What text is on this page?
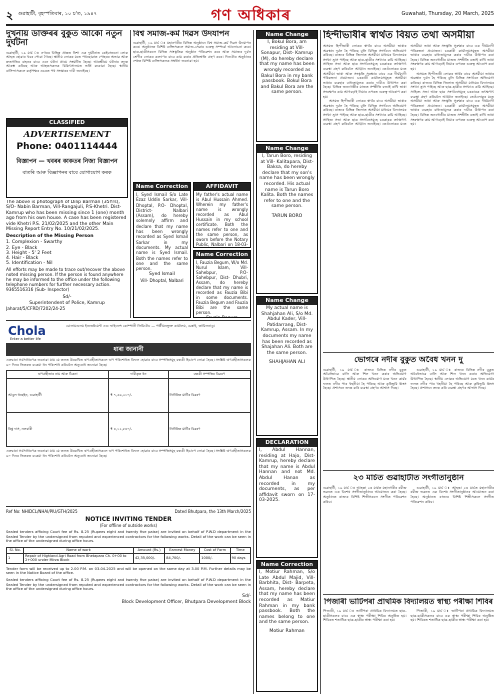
২ গুৱাহাটী, বৃহস্পতিবাৰ, ১০ চ'ত, ১৯৪৭	গণ অধিকাৰ	Guwahati, Thursday, 20 March, 2025
দুখনীয় ডাক্তৰৰ বুকুত আকৌ নতুন দুৰ্ঘটনা
গুৱাহাটী, ১৯ মাৰ্চ ঃ নগৰৰ বিভিন্ন প্ৰান্তত নিশা এক দুৰ্ঘটনাত কেইবাজনো লোক আহত হোৱাৰ খবৰ পোৱা গৈছে। স্থানীয় লোকৰ মতে পথছোৱাত পোহৰৰ অভাৱ আৰু দ্ৰুতগতিৰ বাহনৰ বাবে এনে ঘটনা প্ৰায়ে সংঘটিত হৈছে। আৰক্ষীয়ে ঘটনাৰ তদন্ত আৰম্ভ কৰিছে আৰু আহতসকলক চিকিৎসালয়ত ভৰ্তি কৰোৱা হৈছে। স্থানীয় বাসিন্দাসকলে কৰ্তৃপক্ষৰ ওচৰত পথ সংস্কাৰৰ দাবী জনাইছে।
CLASSIFIED
ADVERTISEMENT
Phone: 0401114444
বিজ্ঞাপন — খবৰৰ কাকতৰ নিজা বিজ্ঞাপন
বাতৰি আৰু বিজ্ঞাপনৰ বাবে যোগাযোগ কৰক
The above is photograph of Dilip Barman (35Yrs), S/O- Nabin Barman, Vill-Rangajuli, P.S-Khetri. Dist- Kamrup who has been missing since 1 (one) month ago from his own house. A case has been registered vide Khetri P.S. 21/02/2025 and the other Main Missing Report Entry No. 10/21/02/2025.
Description of the Missing Person
1. Complexion - Swarthy
2. Eye - Black
3. Height - 5' 2 Feet
4. Hair - Black
5. Identification - Nil
All efforts may be made to trace out/recover the above noted missing person. If the person is found anywhere he may be informed to the office under the following telephone numbers for further necessary action. 9365516316 (Sub- Inspector)
Sd/-
Superintendent of Police, Kamrup
Jaharat/5/CFRD/7202/24-25
Chola
Enter a better life
চোলামণ্ডলম ইনভেষ্টমেণ্ট এণ্ড ফাইনেন্স কোম্পানী লিমিটেড — পঞ্জীয়নভুক্ত কাৰ্যালয়, চেন্নাই, তামিলনাডু।
ধাৰা জানানী
এতদ্বাৰা সৰ্বসাধাৰণক জনোৱা যায় যে তলত উল্লেখিত ঋণগ্ৰহীতাসকলে ঋণ পৰিশোধত বিফল হোৱাৰ বাবে সম্পত্তিসমূহ বন্ধকী হিচাপে লোৱা হৈছে। সংশ্লিষ্ট ঋণগ্ৰহীতাসকলক ৬০ দিনৰ ভিতৰত বকেয়া ধন পৰিশোধ কৰিবলৈ অনুৰোধ জনোৱা হৈছে।
ঋণগ্ৰহীতাৰ নাম আৰু ঠিকনা	দাবীকৃত ধন	বন্ধকী সম্পত্তিৰ বিৱৰণ
আবুল হুছেইন, গুৱাহাটী	₹ ৭,৫৬,২১০/-	নিৰ্ধাৰিত মাটিৰ বিৱৰণ
ৰিঙ্কু দাস, নলবাৰী	₹ ৪,১২,৮৪০/-	নিৰ্ধাৰিত মাটিৰ বিৱৰণ
এতদ্বাৰা সৰ্বসাধাৰণক জনোৱা যায় যে তলত উল্লেখিত ঋণগ্ৰহীতাসকলে ঋণ পৰিশোধত বিফল হোৱাৰ বাবে সম্পত্তিসমূহ বন্ধকী হিচাপে লোৱা হৈছে। সংশ্লিষ্ট ঋণগ্ৰহীতাসকলক ৬০ দিনৰ ভিতৰত বকেয়া ধন পৰিশোধ কৰিবলৈ অনুৰোধ জনোৱা হৈছে।
Ref No: NHIDCL/NHAI/PIU/GTH/2025	Dated Bhutpara, the 13th March/2025
NOTICE INVITING TENDER
(For offline of outside works)
Sealed tenders affixing Court fee of Rs. 8.25 (Rupees eight and twenty five paise) are invited on behalf of P.W.D department in the Sealed Tender by the undersigned from reputed and experienced contractors for the following works. Detail of the work can be seen in the office of the undersigned during office hours.
Sl. No.	Name of work	Amount (Rs.)	Earnest Money	Cost of Form	Time
1	Repair of Highland Agri Road from Bhetapara Ch. 0+00 to 2+000 under Mirza Block	42,35,000/-	84,700/-	1000/-	90 days
Tender form will be received up to 2.00 P.M. on 03-04-2025 and will be opened on the same day at 3.00 P.M. Further details may be seen in the Notice Board of the office.
Sealed tenders affixing Court fee of Rs. 8.25 (Rupees eight and twenty five paise) are invited on behalf of P.W.D department in the Sealed Tender by the undersigned from reputed and experienced contractors for the following works. Detail of the work can be seen in the office of the undersigned during office hours.
Sd/-
Block Development Officer, Bhutpara Development Block
বিশ্ব সমাজ-কৰ্ম দিৱস উদযাপন
গুৱাহাটী, ১৯ মাৰ্চ ঃ মহানগৰীৰ বিভিন্ন অনুষ্ঠানে বিশ্ব সমাজ-কৰ্ম দিৱস উদযাপন কৰে। অনুষ্ঠানত বিশিষ্ট ব্যক্তিসকলে সমাজ-সেৱাৰ গুৰুত্ব সম্পৰ্কে আলোচনা কৰে। ছাত্ৰ-ছাত্ৰীসকলে বিভিন্ন সাংস্কৃতিক অনুষ্ঠান পৰিৱেশন কৰে আৰু সমাজৰ দুৰ্বল শ্ৰেণীৰ লোকৰ কল্যাণৰ বাবে কাম কৰাৰ প্ৰতিশ্ৰুতি গ্ৰহণ কৰে। দিনটোৰ অনুষ্ঠানৰ শেষত বিশিষ্ট ব্যক্তিসকলক সম্বৰ্ধনা জনোৱা হয়।
Name Correction
I, Syed Ismail S/o Late Ezaz Uddin Sarkar, Vill- Dhoptal, P.O- Dhoptal, District- Nalbari (Assam), do hereby solemnly affirm and declare that my name has been wrongly recorded as Syed Ismail Sarkar in my documents. My actual name is Syed Ismail. Both the names refer to one and the same person.
Syed Ismail
Vill- Dhoptal, Nalbari
AFFIDAVIT
My father's actual name is Abul Hussain Ahmed. Wherein my father's name is wrongly recorded as Abul Hussain in my school certificate. Both the names refer to one and the same person, as sworn before the Notary Public, Nalbari on 18-03-
Name Correction
I, Fauzia Begum, W/o Md. Nurul Islam, Vill- Sahebpur, P.O- Sahebpur, Dist- Dhubri, Assam, do hereby declare that my name is recorded as Fauzia Bibi in some documents. Fauzia Begum and Fauzia Bibi are the same person.
Name Change
I, Bokul Bora, am residing at Vill- Sonapur, Dist- Kamrup (M), do hereby declare that my name has been wrongly recorded as Bakul Bora in my bank passbook. Bokul Bora and Bakul Bora are the same person.
Name Change
I, Tarun Boro, residing at Vill- Kalitapara, Dist- Baksa, do hereby declare that my son's name has been wrongly recorded. His actual name is Tarun Boro Kalita. Both the names refer to one and the same person.
TARUN BORO
Name Change
My actual name is Shahjahan Ali, S/o Md. Abdul Kader, Vill- Patidarrang, Dist- Kamrup, Assam. In my documents my name has been recorded as Shajahan Ali. Both are the same person.
SHAHJAHAN ALI
DECLARATION
I, Abdul Hannan, residing at Hajo, Dist- Kamrup, hereby declare that my name is Abdul Hannan and not Md. Abdul Hanan as recorded in my documents, as per affidavit sworn on 17-03-2025.
Name Correction
I, Motiur Rahman, S/o Late Abdul Majid, Vill- Barbhita, Dist- Barpeta, Assam, hereby declare that my name has been recorded as Matiur Rahman in my bank passbook. Both the names belong to one and the same person.
Motiur Rahman
হিন্দীভাষীৰ স্বাৰ্থত বিয়ত তথা অসমীয়া

অসমত হিন্দীভাষী লোকৰ স্বাৰ্থৰ বাবে অসমীয়া ভাষাৰ অৱস্থান দুৰ্বল হৈ পৰিছে বুলি বিভিন্ন সংগঠনে অভিযোগ কৰিছে। ৰাজ্যৰ বিভিন্ন জিলাত অসমীয়া মাধ্যমৰ বিদ্যালয়ৰ সংখ্যা হ্ৰাস পাইছে আৰু ছাত্ৰ-ছাত্ৰীৰ সংখ্যাও কমি আহিছে। সাহিত্য সভা আৰু ছাত্ৰ সংগঠনসমূহে চৰকাৰক তৎক্ষণাৎ ব্যৱস্থা গ্ৰহণ কৰিবলৈ আহ্বান জনাইছে। তেওঁলোকৰ মতে অসমীয়া ভাষা আৰু সংস্কৃতি সুৰক্ষাৰ বাবে এক দীৰ্ঘম্যাদী পৰিকল্পনা প্ৰয়োজন। চৰকাৰী কাৰ্যালয়সমূহত অসমীয়া ভাষাৰ ব্যৱহাৰ বাধ্যতামূলক কৰাৰ দাবীও উত্থাপন কৰা হৈছে। বিভিন্ন জনগোষ্ঠীৰ মাজত সম্প্ৰীতি বজাই ৰাখি ভাষা সংৰক্ষণৰ কাম আগবঢ়াই নিয়াৰ ওপৰত গুৰুত্ব আৰোপ কৰা হয়।

অসমত হিন্দীভাষী লোকৰ স্বাৰ্থৰ বাবে অসমীয়া ভাষাৰ অৱস্থান দুৰ্বল হৈ পৰিছে বুলি বিভিন্ন সংগঠনে অভিযোগ কৰিছে। ৰাজ্যৰ বিভিন্ন জিলাত অসমীয়া মাধ্যমৰ বিদ্যালয়ৰ সংখ্যা হ্ৰাস পাইছে আৰু ছাত্ৰ-ছাত্ৰীৰ সংখ্যাও কমি আহিছে। সাহিত্য সভা আৰু ছাত্ৰ সংগঠনসমূহে চৰকাৰক তৎক্ষণাৎ ব্যৱস্থা গ্ৰহণ কৰিবলৈ আহ্বান জনাইছে। তেওঁলোকৰ মতে অসমীয়া ভাষা আৰু সংস্কৃতি সুৰক্ষাৰ বাবে এক দীৰ্ঘম্যাদী পৰিকল্পনা প্ৰয়োজন। চৰকাৰী কাৰ্যালয়সমূহত অসমীয়া ভাষাৰ ব্যৱহাৰ বাধ্যতামূলক কৰাৰ দাবীও উত্থাপন কৰা হৈছে। বিভিন্ন জনগোষ্ঠীৰ মাজত সম্প্ৰীতি বজাই ৰাখি ভাষা সংৰক্ষণৰ কাম আগবঢ়াই নিয়াৰ ওপৰত গুৰুত্ব আৰোপ কৰা হয়।

অসমত হিন্দীভাষী লোকৰ স্বাৰ্থৰ বাবে অসমীয়া ভাষাৰ অৱস্থান দুৰ্বল হৈ পৰিছে বুলি বিভিন্ন সংগঠনে অভিযোগ কৰিছে। ৰাজ্যৰ বিভিন্ন জিলাত অসমীয়া মাধ্যমৰ বিদ্যালয়ৰ সংখ্যা হ্ৰাস পাইছে আৰু ছাত্ৰ-ছাত্ৰীৰ সংখ্যাও কমি আহিছে। সাহিত্য সভা আৰু ছাত্ৰ সংগঠনসমূহে চৰকাৰক তৎক্ষণাৎ ব্যৱস্থা গ্ৰহণ কৰিবলৈ আহ্বান জনাইছে। তেওঁলোকৰ মতে অসমীয়া ভাষা আৰু সংস্কৃতি সুৰক্ষাৰ বাবে এক দীৰ্ঘম্যাদী পৰিকল্পনা প্ৰয়োজন। চৰকাৰী কাৰ্যালয়সমূহত অসমীয়া ভাষাৰ ব্যৱহাৰ বাধ্যতামূলক কৰাৰ দাবীও উত্থাপন কৰা হৈছে। বিভিন্ন জনগোষ্ঠীৰ মাজত সম্প্ৰীতি বজাই ৰাখি ভাষা সংৰক্ষণৰ কাম আগবঢ়াই নিয়াৰ ওপৰত গুৰুত্ব আৰোপ কৰা হয়।

ভোগৰে নদীৰ বুকুত অবৈধ খনন দু

গুৱাহাটী, ১৯ মাৰ্চ ঃ ৰাজ্যৰ বিভিন্ন নদীৰ বুকুত অবৈধভাৱে বালি আৰু শিল খনন কৰাৰ অভিযোগ উত্থাপিত হৈছে। স্থানীয় লোকৰ অভিযোগ মতে খনন কাৰ্যৰ ফলত নদীৰ পাৰ খহনীয়া হৈ পৰিছে আৰু কৃষিভূমি ধ্বংস হৈছে। প্ৰশাসনে তদন্ত কৰি ব্যৱস্থা গ্ৰহণৰ আশ্বাস দিছে।

গুৱাহাটী, ১৯ মাৰ্চ ঃ ৰাজ্যৰ বিভিন্ন নদীৰ বুকুত অবৈধভাৱে বালি আৰু শিল খনন কৰাৰ অভিযোগ উত্থাপিত হৈছে। স্থানীয় লোকৰ অভিযোগ মতে খনন কাৰ্যৰ ফলত নদীৰ পাৰ খহনীয়া হৈ পৰিছে আৰু কৃষিভূমি ধ্বংস হৈছে। প্ৰশাসনে তদন্ত কৰি ব্যৱস্থা গ্ৰহণৰ আশ্বাস দিছে।

২৩ মাৰ্চত গুৱাহাটীত সংগীতানুষ্ঠান

গুৱাহাটী, ১৯ মাৰ্চ ঃ আহন্তা ২৩ মাৰ্চত মহানগৰীৰ ৰবীন্দ্ৰ ভৱনত এক বিশেষ সংগীতানুষ্ঠানৰ আয়োজন কৰা হৈছে। অনুষ্ঠানত ৰাজ্যৰ বিশিষ্ট শিল্পীসকলে সংগীত পৰিৱেশন কৰিব।

গুৱাহাটী, ১৯ মাৰ্চ ঃ আহন্তা ২৩ মাৰ্চত মহানগৰীৰ ৰবীন্দ্ৰ ভৱনত এক বিশেষ সংগীতানুষ্ঠানৰ আয়োজন কৰা হৈছে। অনুষ্ঠানত ৰাজ্যৰ বিশিষ্ট শিল্পীসকলে সংগীত পৰিৱেশন কৰিব।

পিজাৰী ভাটিপৰা প্ৰাথমিক বিদ্যালয়ত স্বাস্থ্য পৰীক্ষা শিবিৰ

পিজাৰী, ১৯ মাৰ্চ ঃ ভাটিপৰা প্ৰাথমিক বিদ্যালয়ত ছাত্ৰ-ছাত্ৰীসকলৰ বাবে এক স্বাস্থ্য পৰীক্ষা শিবিৰ অনুষ্ঠিত হয়। শিবিৰত শতাধিক ছাত্ৰ-ছাত্ৰীৰ স্বাস্থ্য পৰীক্ষা কৰা হয়।

পিজাৰী, ১৯ মাৰ্চ ঃ ভাটিপৰা প্ৰাথমিক বিদ্যালয়ত ছাত্ৰ-ছাত্ৰীসকলৰ বাবে এক স্বাস্থ্য পৰীক্ষা শিবিৰ অনুষ্ঠিত হয়। শিবিৰত শতাধিক ছাত্ৰ-ছাত্ৰীৰ স্বাস্থ্য পৰীক্ষা কৰা হয়।
